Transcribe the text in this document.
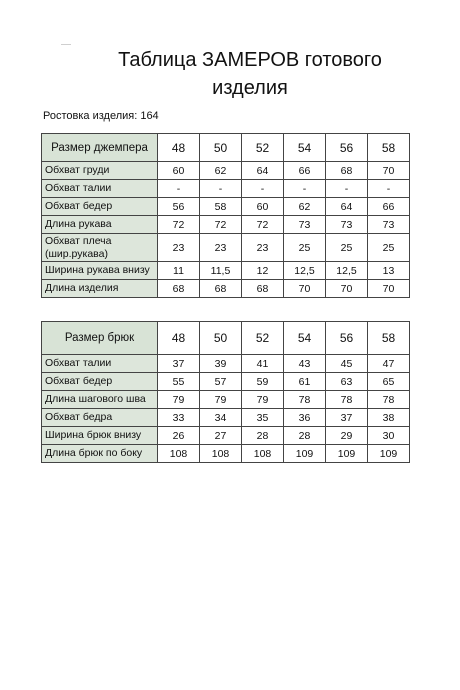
Таблица ЗАМЕРОВ готового
изделия
Ростовка изделия: 164
Размер джемпера	48	50	52	54	56	58
Обхват груди	60	62	64	66	68	70
Обхват талии	-	-	-	-	-	-
Обхват бедер	56	58	60	62	64	66
Длина рукава	72	72	72	73	73	73
Обхват плеча (шир.рукава)	23	23	23	25	25	25
Ширина рукава внизу	11	11,5	12	12,5	12,5	13
Длина изделия	68	68	68	70	70	70
Размер брюк	48	50	52	54	56	58
Обхват талии	37	39	41	43	45	47
Обхват бедер	55	57	59	61	63	65
Длина шагового шва	79	79	79	78	78	78
Обхват бедра	33	34	35	36	37	38
Ширина брюк внизу	26	27	28	28	29	30
Длина брюк по боку	108	108	108	109	109	109
